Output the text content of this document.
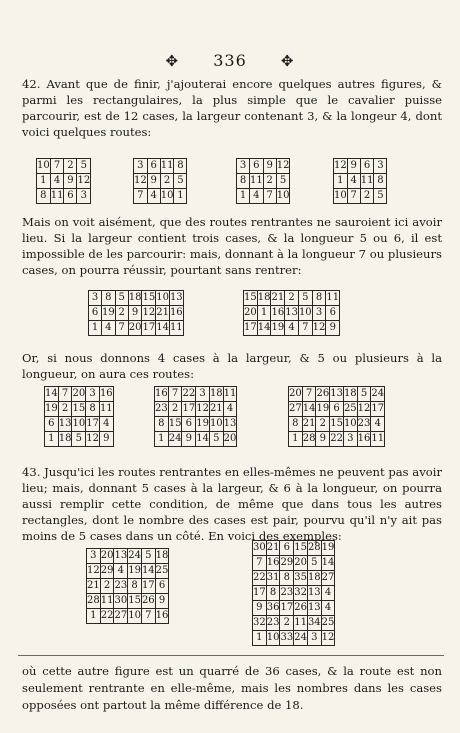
✥ 336 ✥

42. Avant que de finir, j'ajouterai encore quelques autres figures, & parmi les rectangulaires, la plus simple que le cavalier puisse parcourir, est de 12 cases, la largeur contenant 3, & la longeur 4, dont voici quelques routes:

10	7	2	5
1	4	9	12
8	11	6	3
3	6	11	8
12	9	2	5
7	4	10	1
3	6	9	12
8	11	2	5
1	4	7	10
12	9	6	3
1	4	11	8
10	7	2	5

Mais on voit aisément, que des routes rentrantes ne sauroient ici avoir lieu. Si la largeur contient trois cases, & la longueur 5 ou 6, il est impossible de les parcourir: mais, donnant à la longueur 7 ou plusieurs cases, on pourra réussir, pourtant sans rentrer:

3	8	5	18	15	10	13
6	19	2	9	12	21	16
1	4	7	20	17	14	11
15	18	21	2	5	8	11
20	1	16	13	10	3	6
17	14	19	4	7	12	9

Or, si nous donnons 4 cases à la largeur, & 5 ou plusieurs à la longueur, on aura ces routes:

14	7	20	3	16
19	2	15	8	11
6	13	10	17	4
1	18	5	12	9
16	7	22	3	18	11
23	2	17	12	21	4
8	15	6	19	10	13
1	24	9	14	5	20
20	7	26	13	18	5	24
27	14	19	6	25	12	17
8	21	2	15	10	23	4
1	28	9	22	3	16	11

43. Jusqu'ici les routes rentrantes en elles-mêmes ne peuvent pas avoir lieu; mais, donnant 5 cases à la largeur, & 6 à la longueur, on pourra aussi remplir cette condition, de même que dans tous les autres rectangles, dont le nombre des cases est pair, pourvu qu'il n'y ait pas moins de 5 cases dans un côté. En voici des exemples:

3	20	13	24	5	18
12	29	4	19	14	25
21	2	23	8	17	6
28	11	30	15	26	9
1	22	27	10	7	16
30	21	6	15	28	19
7	16	29	20	5	14
22	31	8	35	18	27
17	8	23	32	13	4
9	36	17	26	13	4
32	23	2	11	34	25
1	10	33	24	3	12

où cette autre figure est un quarré de 36 cases, & la route est non seulement rentrante en elle-même, mais les nombres dans les cases opposées ont partout la même différence de 18.
